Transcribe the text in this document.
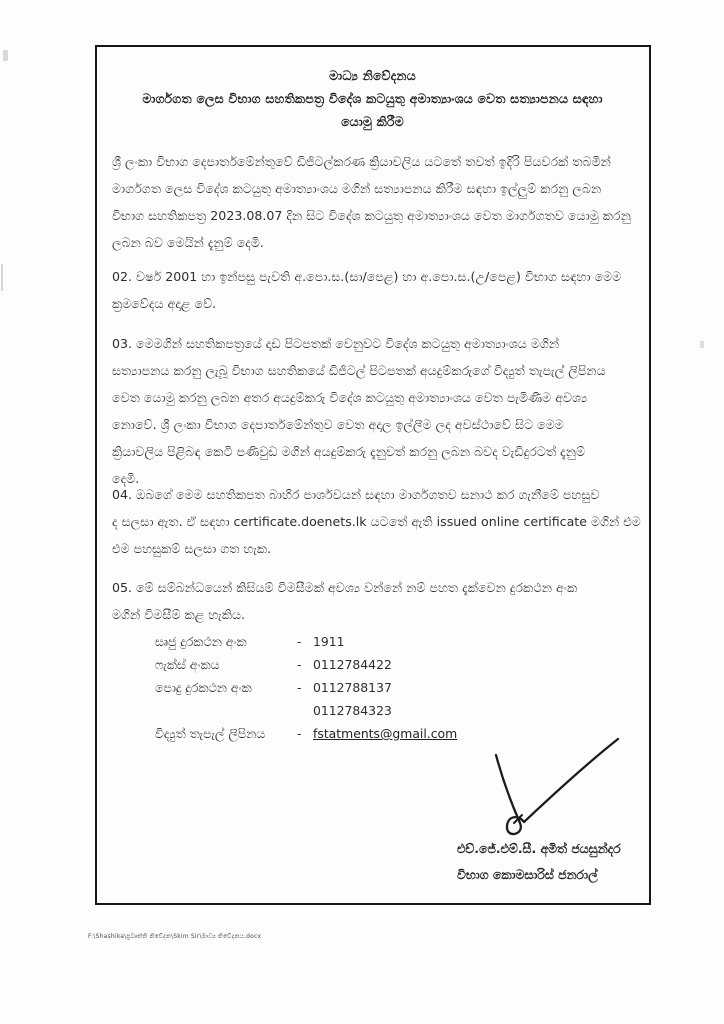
මාධ්‍ය නිවේදනය
මාර්ගගත ලෙස විභාග සහතිකපත්‍ර විදේශ කටයුතු අමාත්‍යාංශය වෙත සත්‍යාපනය සඳහා
යොමු කිරීම
ශ්‍රී ලංකා විභාග දෙපාර්තමේන්තුවේ ඩිජිටල්කරණ ක්‍රියාවලිය යටතේ තවත් ඉදිරි පියවරක් තබමින්
මාර්ගගත ලෙස විදේශ කටයුතු අමාත්‍යාංශය මගින් සත්‍යාපනය කිරීම සඳහා ඉල්ලුම් කරනු ලබන
විභාග සහතිකපත්‍ර 2023.08.07 දින සිට විදේශ කටයුතු අමාත්‍යාංශය වෙත මාර්ගගතව යොමු කරනු
ලබන බව මෙයින් දැනුම් දෙමි.
02. වර්ෂ 2001 හා ඉන්පසු පැවති අ.පො.ස.(සා/පෙළ) හා අ.පො.ස.(උ/පෙළ) විභාග සඳහා මෙම
ක්‍රමවේදය අදාළ වේ.
03. මෙමගින් සහතිකපත්‍රයේ දෘඩ පිටපතක් වෙනුවට විදේශ කටයුතු අමාත්‍යාංශය මගින්
සත්‍යාපනය කරනු ලැබූ විභාග සහතිකයේ ඩිජිටල් පිටපතක් අයදුම්කරුගේ විද්‍යුත් තැපැල් ලිපිනය
වෙත යොමු කරනු ලබන අතර අයදුම්කරු විදේශ කටයුතු අමාත්‍යාංශය වෙත පැමිණීම අවශ්‍ය
නොවේ. ශ්‍රී ලංකා විභාග දෙපාර්තමේන්තුව වෙත අදාල ඉල්ලීම ලද අවස්ථාවේ සිට මෙම
ක්‍රියාවලිය පිළිබඳ කෙටි පණිවුඩ මගින් අයදුම්කරු දැනුවත් කරනු ලබන බවද වැඩිදුරටත් දැනුම්
දෙමි.
04. ඔබගේ මෙම සහතිකපත බාහිර පාර්ශවයන් සඳහා මාර්ගගතව සනාථ කර ගැනීමේ පහසුව
ද සලසා ඇත. ඒ සඳහා certificate.doenets.lk යටතේ ඇති issued online certificate මගින් එම
එම පහසුකම් සලසා ගත හැක.
05. මේ සම්බන්ධයෙන් කිසියම් විමසීමක් අවශ්‍ය වන්නේ නම් පහත දැක්වෙන දුරකථන අංක
මගින් විමසීම් කළ හැකිය.
සෘජු දුරකථන අංක	- 1911
ෆැක්ස් අංකය	- 0112784422
පොදු දුරකථන අංක	- 0112788137
0112784323
විද්‍යුත් තැපැල් ලිපිනය	- fstatments@gmail.com
එච්.ජේ.එම්.සී. අමිත් ජයසුන්දර
විභාග කොමසාරිස් ජනරාල්
F:\Shashika\ප්‍රවෘත්ති නිවේදන\Skim Sir\මාධ්‍ය නිවේදනය.docx
